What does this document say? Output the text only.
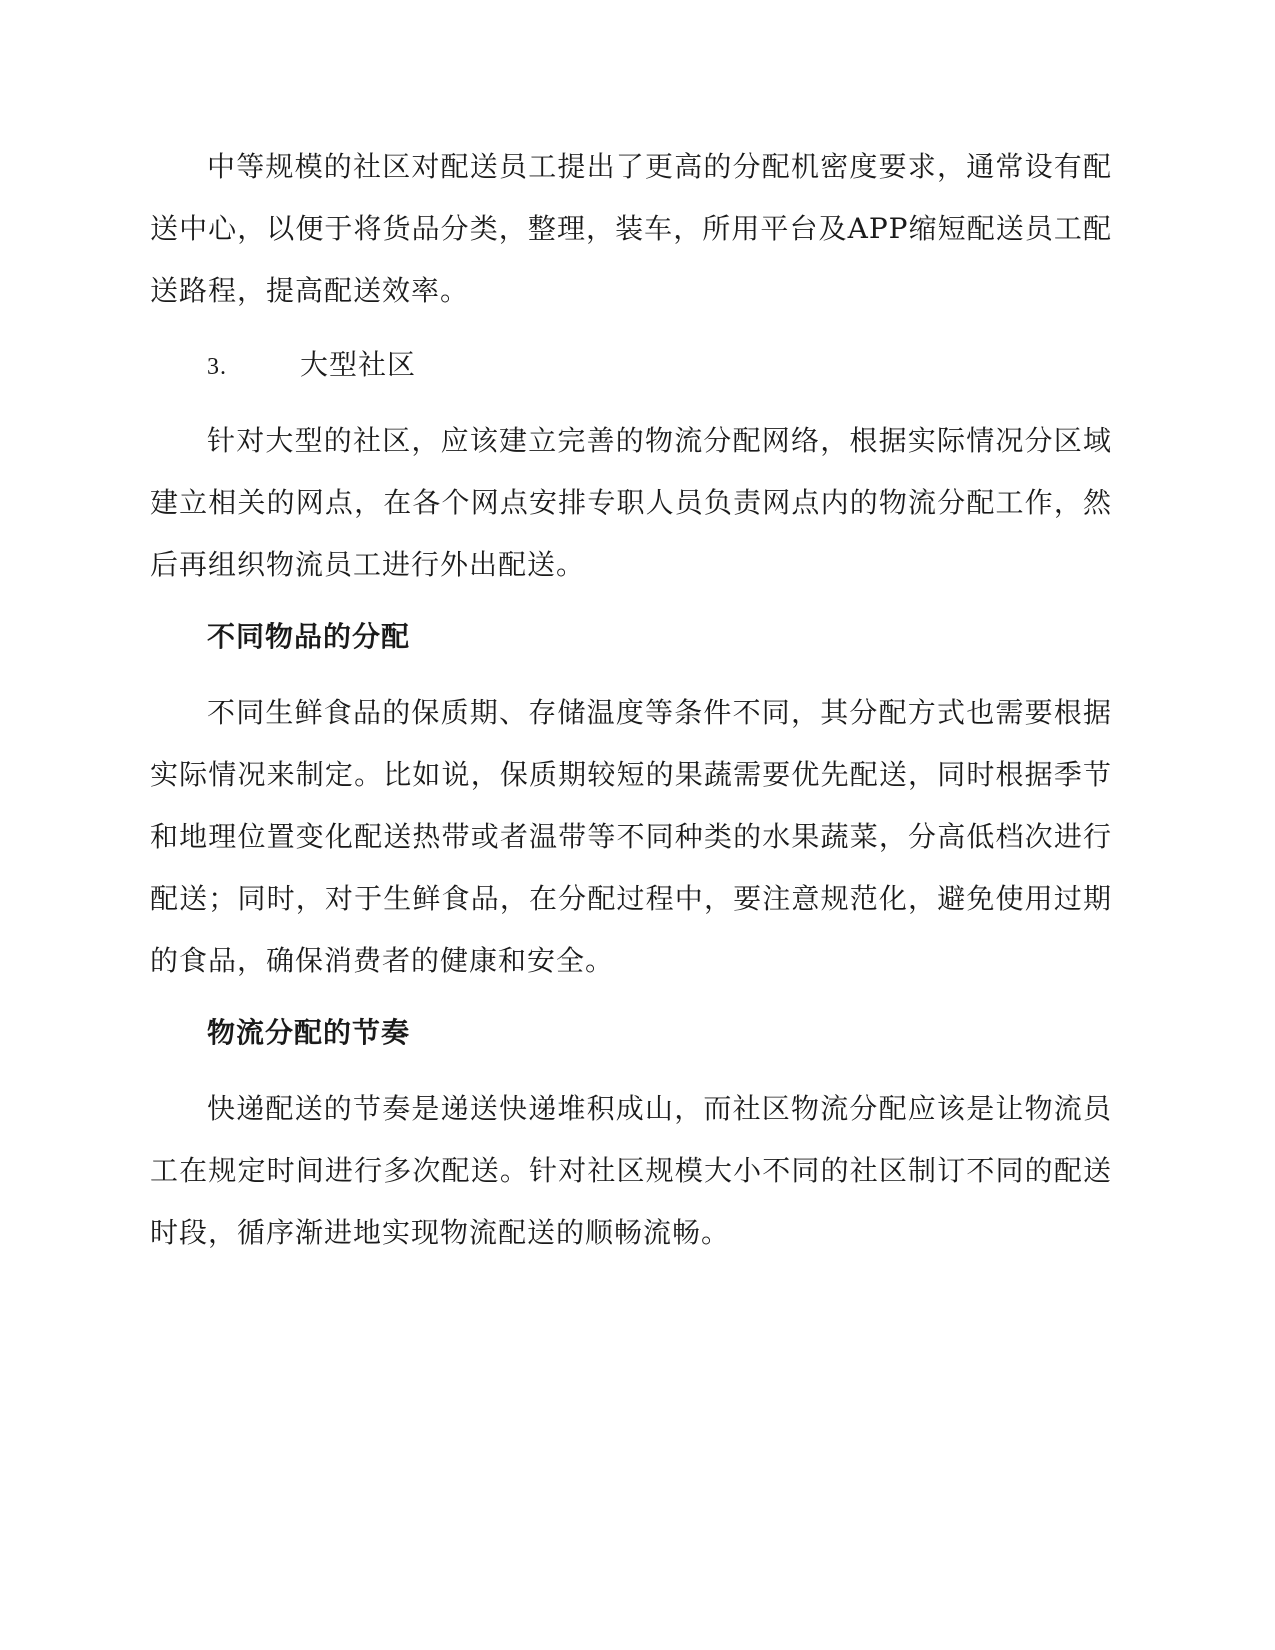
中等规模的社区对配送员工提出了更高的分配机密度要求，通常设有配送中心，以便于将货品分类，整理，装车，所用平台及APP缩短配送员工配送路程，提高配送效率。

3.	大型社区

针对大型的社区，应该建立完善的物流分配网络，根据实际情况分区域建立相关的网点，在各个网点安排专职人员负责网点内的物流分配工作，然后再组织物流员工进行外出配送。

不同物品的分配

不同生鲜食品的保质期、存储温度等条件不同，其分配方式也需要根据实际情况来制定。比如说，保质期较短的果蔬需要优先配送，同时根据季节和地理位置变化配送热带或者温带等不同种类的水果蔬菜，分高低档次进行配送；同时，对于生鲜食品，在分配过程中，要注意规范化，避免使用过期的食品，确保消费者的健康和安全。

物流分配的节奏

快递配送的节奏是递送快递堆积成山，而社区物流分配应该是让物流员工在规定时间进行多次配送。针对社区规模大小不同的社区制订不同的配送时段，循序渐进地实现物流配送的顺畅流畅。
